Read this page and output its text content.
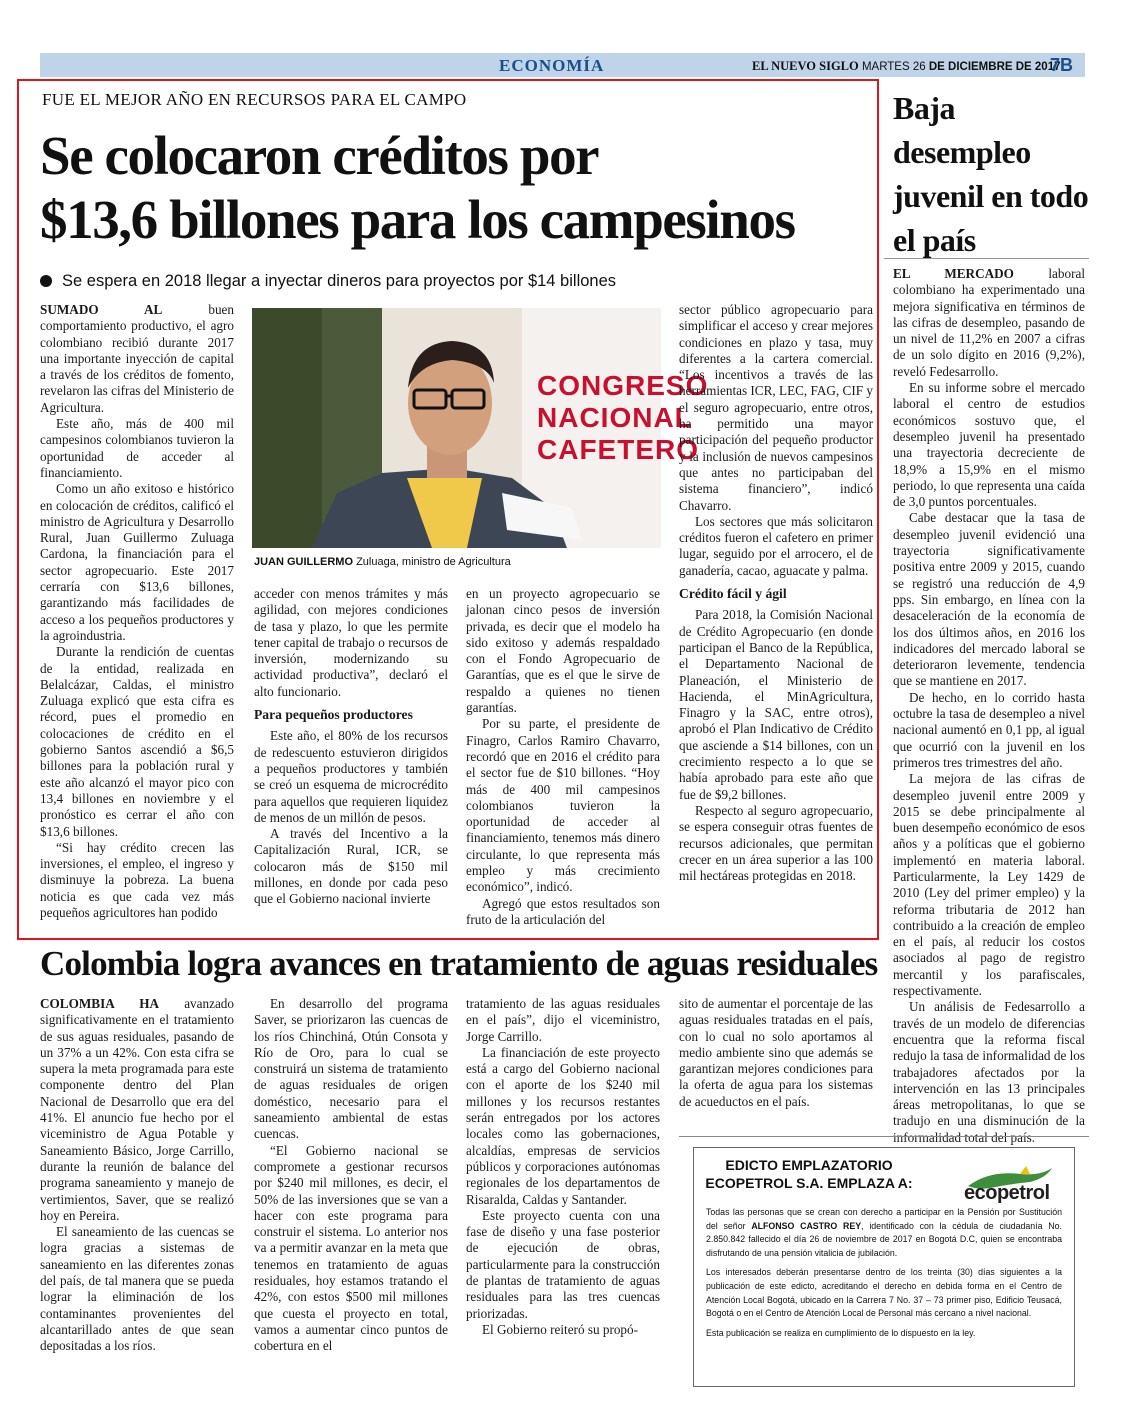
ECONOMÍA	EL NUEVO SIGLO MARTES 26 DE DICIEMBRE DE 2017
7B
FUE EL MEJOR AÑO EN RECURSOS PARA EL CAMPO
Se colocaron créditos por
$13,6 billones para los campesinos
Se espera en 2018 llegar a inyectar dineros para proyectos por $14 billones

SUMADO AL	buen comportamiento productivo, el agro colombiano recibió durante 2017 una importante inyección de capital a través de los créditos de fomento, revelaron las cifras del Ministerio de Agricultura.

Este año, más de 400 mil campesinos colombianos tuvieron la oportunidad de acceder al financiamiento.

Como un año exitoso e histórico en colocación de créditos, calificó el ministro de Agricultura y Desarrollo Rural, Juan Guillermo Zuluaga Cardona, la financiación para el sector agropecuario. Este 2017 cerraría con $13,6 billones, garantizando más facilidades de acceso a los pequeños productores y la agroindustria.

Durante la rendición de cuentas de la entidad, realizada en Belalcázar, Caldas, el ministro Zuluaga explicó que esta cifra es récord, pues el promedio en colocaciones de crédito en el gobierno Santos ascendió a $6,5 billones para la población rural y este año alcanzó el mayor pico con 13,4 billones en noviembre y el pronóstico es cerrar el año con $13,6 billones.

“Si hay crédito crecen las inversiones, el empleo, el ingreso y disminuye la pobreza. La buena noticia es que cada vez más pequeños agricultores han podido

CONGRESO NACIONAL CAFETERO
JUAN GUILLERMO Zuluaga, ministro de Agricultura

acceder con menos trámites y más agilidad, con mejores condiciones de tasa y plazo, lo que les permite tener capital de trabajo o recursos de inversión, modernizando su actividad productiva”, declaró el alto funcionario.

Para pequeños productores

Este año, el 80% de los recursos de redescuento estuvieron dirigidos a pequeños productores y también se creó un esquema de microcrédito para aquellos que requieren liquidez de menos de un millón de pesos.

A través del Incentivo a la Capitalización Rural, ICR, se colocaron más de $150 mil millones, en donde por cada peso que el Gobierno nacional invierte

en un proyecto agropecuario se jalonan cinco pesos de inversión privada, es decir que el modelo ha sido exitoso y además respaldado con el Fondo Agropecuario de Garantías, que es el que le sirve de respaldo a quienes no tienen garantías.

Por su parte, el presidente de Finagro, Carlos Ramiro Chavarro, recordó que en 2016 el crédito para el sector fue de $10 billones. “Hoy más de 400 mil campesinos colombianos tuvieron la oportunidad de acceder al financiamiento, tenemos más dinero circulante, lo que representa más empleo y más crecimiento económico”, indicó.

Agregó que estos resultados son fruto de la articulación del

sector público agropecuario para simplificar el acceso y crear mejores condiciones en plazo y tasa, muy diferentes a la cartera comercial. “Los incentivos a través de las herramientas ICR, LEC, FAG, CIF y el seguro agropecuario, entre otros, ha permitido una mayor participación del pequeño productor y la inclusión de nuevos campesinos que antes no participaban del sistema financiero”, indicó Chavarro.

Los sectores que más solicitaron créditos fueron el cafetero en primer lugar, seguido por el arrocero, el de ganadería, cacao, aguacate y palma.

Crédito fácil y ágil

Para 2018, la Comisión Nacional de Crédito Agropecuario (en donde participan el Banco de la República, el Departamento Nacional de Planeación, el Ministerio de Hacienda, el MinAgricultura, Finagro y la SAC, entre otros), aprobó el Plan Indicativo de Crédito que asciende a $14 billones, con un crecimiento respecto a lo que se había aprobado para este año que fue de $9,2 billones.

Respecto al seguro agropecuario, se espera conseguir otras fuentes de recursos adicionales, que permitan crecer en un área superior a las 100 mil hectáreas protegidas en 2018.

Baja desempleo juvenil en todo el país

EL MERCADO	laboral colombiano ha experimentado una mejora significativa en términos de las cifras de desempleo, pasando de un nivel de 11,2% en 2007 a cifras de un solo dígito en 2016 (9,2%), reveló Fedesarrollo.

En su informe sobre el mercado laboral el centro de estudios económicos sostuvo que, el desempleo juvenil ha presentado una trayectoria decreciente de 18,9% a 15,9% en el mismo periodo, lo que representa una caída de 3,0 puntos porcentuales.

Cabe destacar que la tasa de desempleo juvenil evidenció una trayectoria significativamente positiva entre 2009 y 2015, cuando se registró una reducción de 4,9 pps. Sin embargo, en línea con la desaceleración de la economía de los dos últimos años, en 2016 los indicadores del mercado laboral se deterioraron levemente, tendencia que se mantiene en 2017.

De hecho, en lo corrido hasta octubre la tasa de desempleo a nivel nacional aumentó en 0,1 pp, al igual que ocurrió con la juvenil en los primeros tres trimestres del año.

La mejora de las cifras de desempleo juvenil entre 2009 y 2015 se debe principalmente al buen desempeño económico de esos años y a políticas que el gobierno implementó en materia laboral. Particularmente, la Ley 1429 de 2010 (Ley del primer empleo) y la reforma tributaria de 2012 han contribuido a la creación de empleo en el país, al reducir los costos asociados al pago de registro mercantil y los parafiscales, respectivamente.

Un análisis de Fedesarrollo a través de un modelo de diferencias encuentra que la reforma fiscal redujo la tasa de informalidad de los trabajadores afectados por la intervención en las 13 principales áreas metropolitanas, lo que se tradujo en una disminución de la informalidad total del país.

Colombia logra avances en tratamiento de aguas residuales

COLOMBIA HA avanzado significativamente en el tratamiento de sus aguas residuales, pasando de un 37% a un 42%. Con esta cifra se supera la meta programada para este componente dentro del Plan Nacional de Desarrollo que era del 41%. El anuncio fue hecho por el viceministro de Agua Potable y Saneamiento Básico, Jorge Carrillo, durante la reunión de balance del programa saneamiento y manejo de vertimientos, Saver, que se realizó hoy en Pereira.

El saneamiento de las cuencas se logra gracias a sistemas de saneamiento en las diferentes zonas del país, de tal manera que se pueda lograr la eliminación de los contaminantes provenientes del alcantarillado antes de que sean depositadas a los ríos.

En desarrollo del programa Saver, se priorizaron las cuencas de los ríos Chinchiná, Otún Consota y Río de Oro, para lo cual se construirá un sistema de tratamiento de aguas residuales de origen doméstico, necesario para el saneamiento ambiental de estas cuencas.

“El Gobierno nacional se compromete a gestionar recursos por $240 mil millones, es decir, el 50% de las inversiones que se van a hacer con este programa para construir el sistema. Lo anterior nos va a permitir avanzar en la meta que tenemos en tratamiento de aguas residuales, hoy estamos tratando el 42%, con estos $500 mil millones que cuesta el proyecto en total, vamos a aumentar cinco puntos de cobertura en el

tratamiento de las aguas residuales en el país”, dijo el viceministro, Jorge Carrillo.

La financiación de este proyecto está a cargo del Gobierno nacional con el aporte de los $240 mil millones y los recursos restantes serán entregados por los actores locales como las gobernaciones, alcaldías, empresas de servicios públicos y corporaciones autónomas regionales de los departamentos de Risaralda, Caldas y Santander.

Este proyecto cuenta con una fase de diseño y una fase posterior de ejecución de obras, particularmente para la construcción de plantas de tratamiento de aguas residuales para las tres cuencas priorizadas.

El Gobierno reiteró su propó-

sito de aumentar el porcentaje de las aguas residuales tratadas en el país, con lo cual no solo aportamos al medio ambiente sino que además se garantizan mejores condiciones para la oferta de agua para los sistemas de acueductos en el país.

EDICTO EMPLAZATORIO
ECOPETROL S.A. EMPLAZA A:	ecopetrol

Todas las personas que se crean con derecho a participar en la Pensión por Sustitución del señor ALFONSO CASTRO REY, identificado con la cédula de ciudadanía No. 2.850.842 fallecido el día 26 de noviembre de 2017 en Bogotá D.C, quien se encontraba disfrutando de una pensión vitalicia de jubilación.

Los interesados deberán presentarse dentro de los treinta (30) días siguientes a la publicación de este edicto, acreditando el derecho en debida forma en el Centro de Atención Local Bogotá, ubicado en la Carrera 7 No. 37 – 73 primer piso, Edificio Teusacá, Bogotá o en el Centro de Atención Local de Personal más cercano a nivel nacional.

Esta publicación se realiza en cumplimiento de lo dispuesto en la ley.
